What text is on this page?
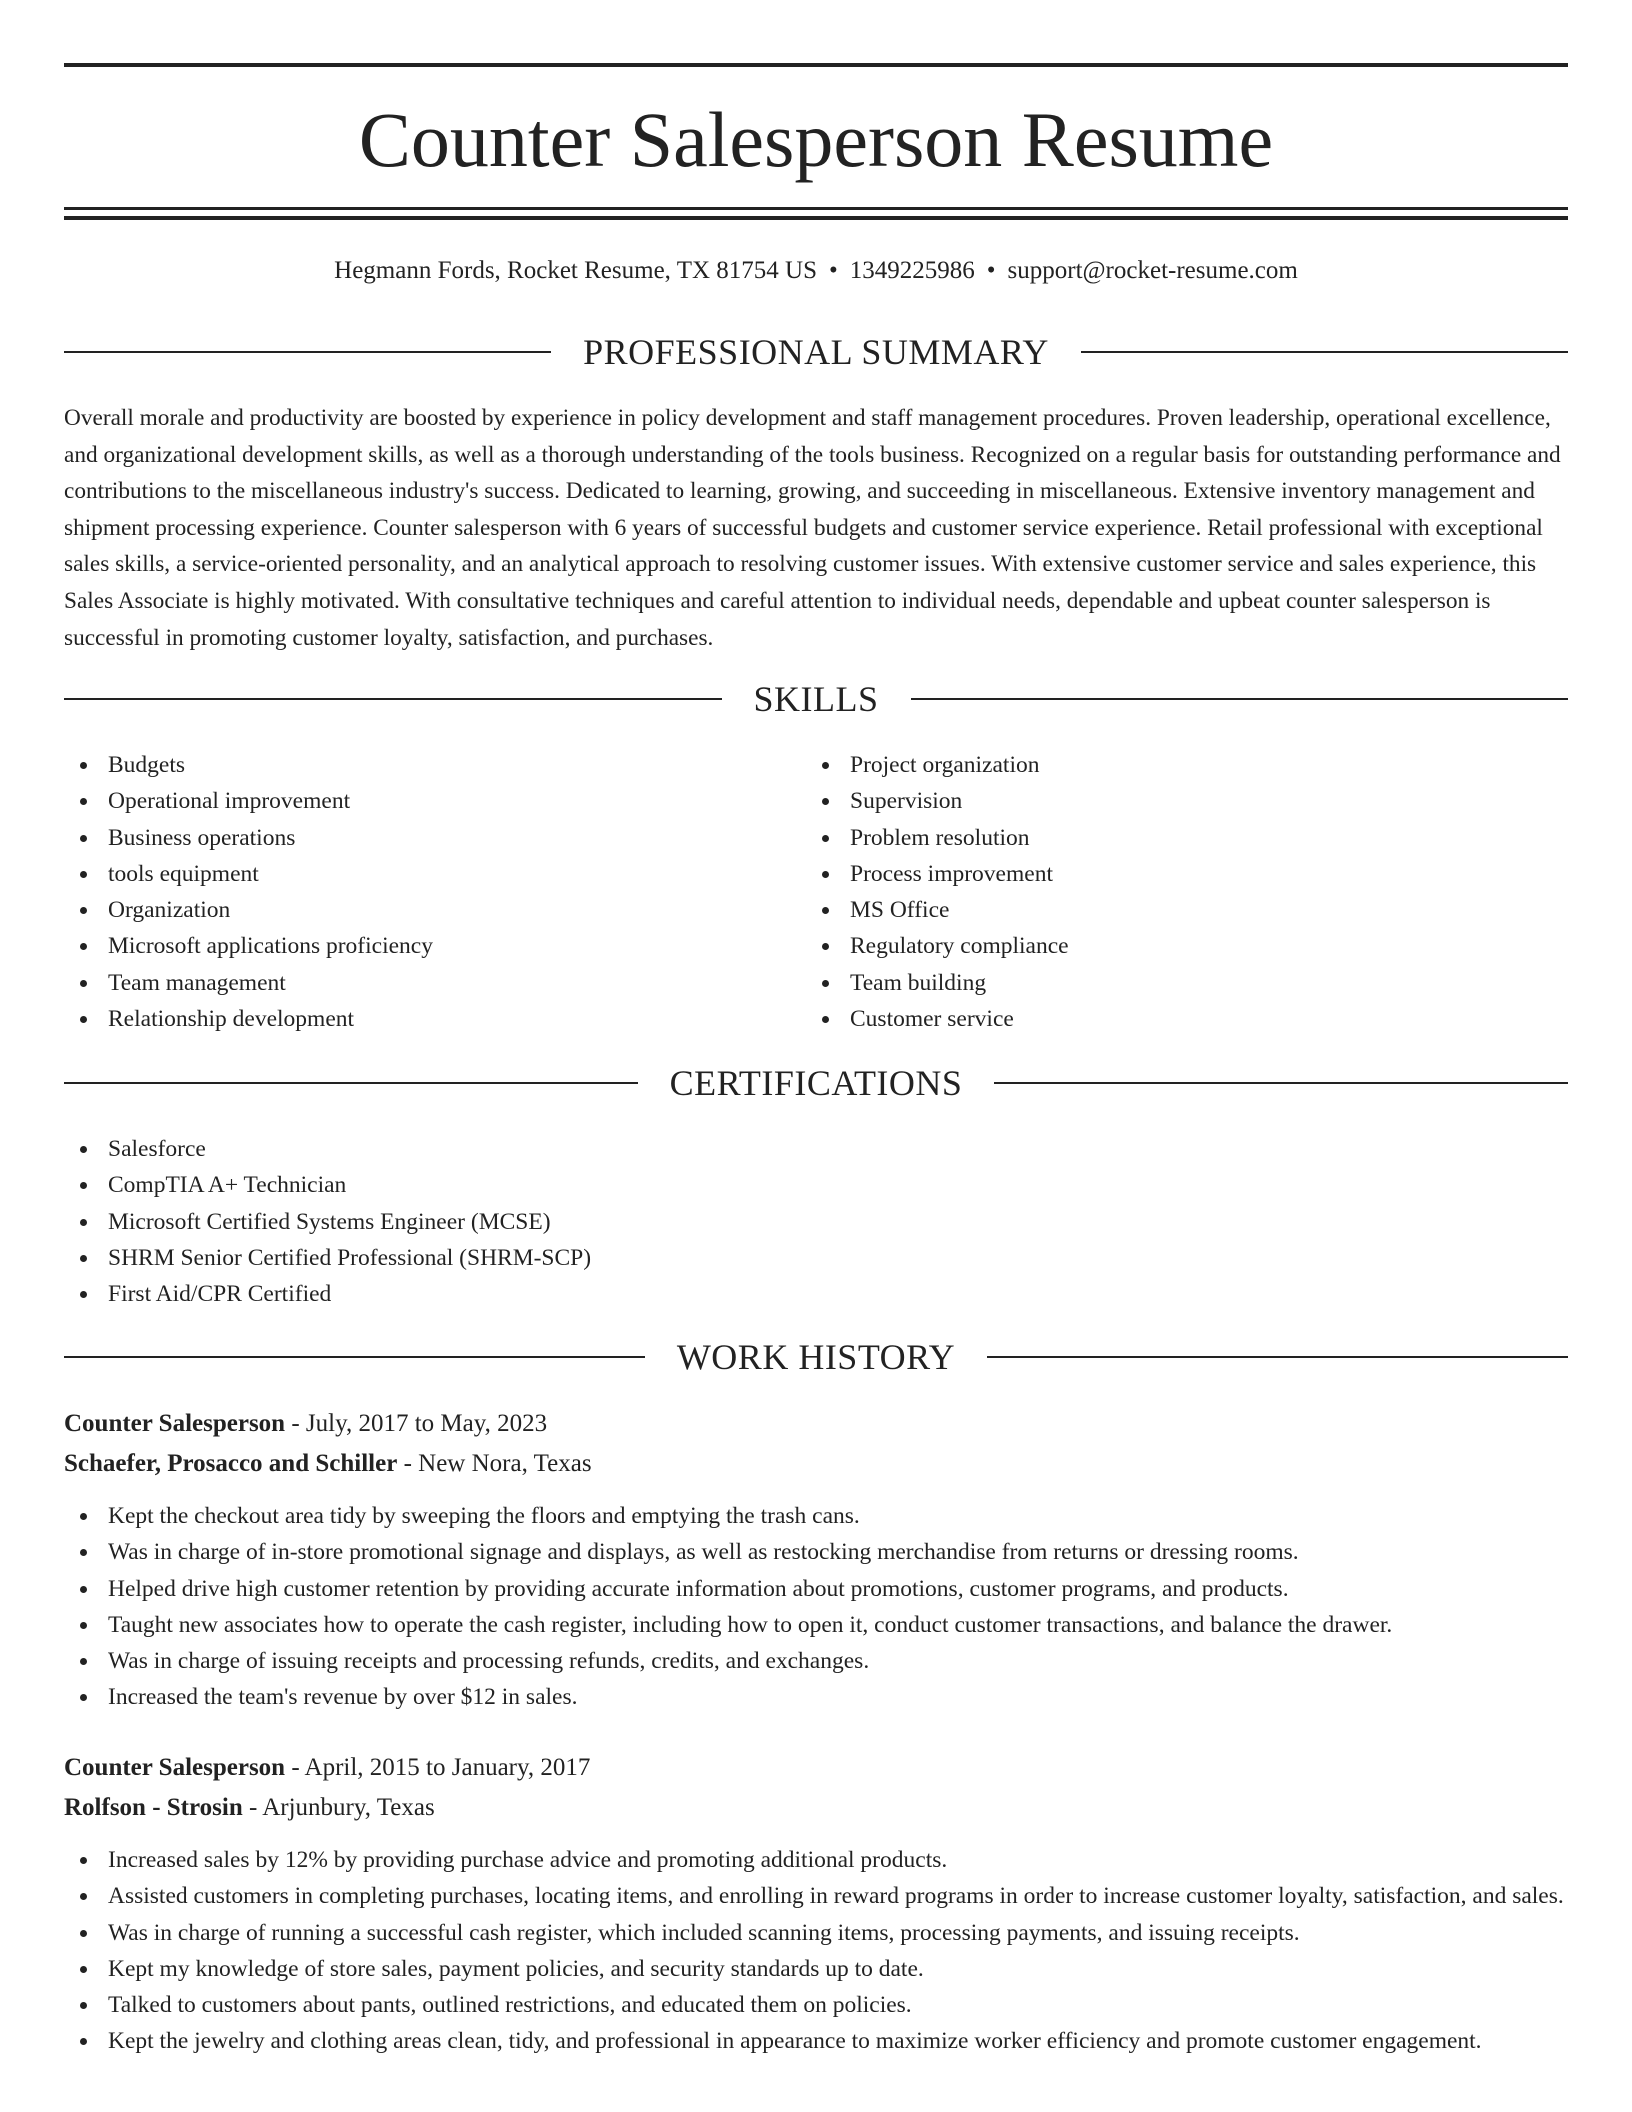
Counter Salesperson Resume
Hegmann Fords, Rocket Resume, TX 81754 US • 1349225986 • support@rocket-resume.com
PROFESSIONAL SUMMARY

Overall morale and productivity are boosted by experience in policy development and staff management procedures. Proven leadership, operational excellence, and organizational development skills, as well as a thorough understanding of the tools business. Recognized on a regular basis for outstanding performance and contributions to the miscellaneous industry's success. Dedicated to learning, growing, and succeeding in miscellaneous. Extensive inventory management and shipment processing experience. Counter salesperson with 6 years of successful budgets and customer service experience. Retail professional with exceptional sales skills, a service-oriented personality, and an analytical approach to resolving customer issues. With extensive customer service and sales experience, this Sales Associate is highly motivated. With consultative techniques and careful attention to individual needs, dependable and upbeat counter salesperson is successful in promoting customer loyalty, satisfaction, and purchases.

SKILLS
Budgets
Operational improvement
Business operations
tools equipment
Organization
Microsoft applications proficiency
Team management
Relationship development
Project organization
Supervision
Problem resolution
Process improvement
MS Office
Regulatory compliance
Team building
Customer service
CERTIFICATIONS
Salesforce
CompTIA A+ Technician
Microsoft Certified Systems Engineer (MCSE)
SHRM Senior Certified Professional (SHRM-SCP)
First Aid/CPR Certified
WORK HISTORY
Counter Salesperson - July, 2017 to May, 2023
Schaefer, Prosacco and Schiller - New Nora, Texas
Kept the checkout area tidy by sweeping the floors and emptying the trash cans.
Was in charge of in-store promotional signage and displays, as well as restocking merchandise from returns or dressing rooms.
Helped drive high customer retention by providing accurate information about promotions, customer programs, and products.
Taught new associates how to operate the cash register, including how to open it, conduct customer transactions, and balance the drawer.
Was in charge of issuing receipts and processing refunds, credits, and exchanges.
Increased the team's revenue by over $12 in sales.
Counter Salesperson - April, 2015 to January, 2017
Rolfson - Strosin - Arjunbury, Texas
Increased sales by 12% by providing purchase advice and promoting additional products.
Assisted customers in completing purchases, locating items, and enrolling in reward programs in order to increase customer loyalty, satisfaction, and sales.
Was in charge of running a successful cash register, which included scanning items, processing payments, and issuing receipts.
Kept my knowledge of store sales, payment policies, and security standards up to date.
Talked to customers about pants, outlined restrictions, and educated them on policies.
Kept the jewelry and clothing areas clean, tidy, and professional in appearance to maximize worker efficiency and promote customer engagement.
